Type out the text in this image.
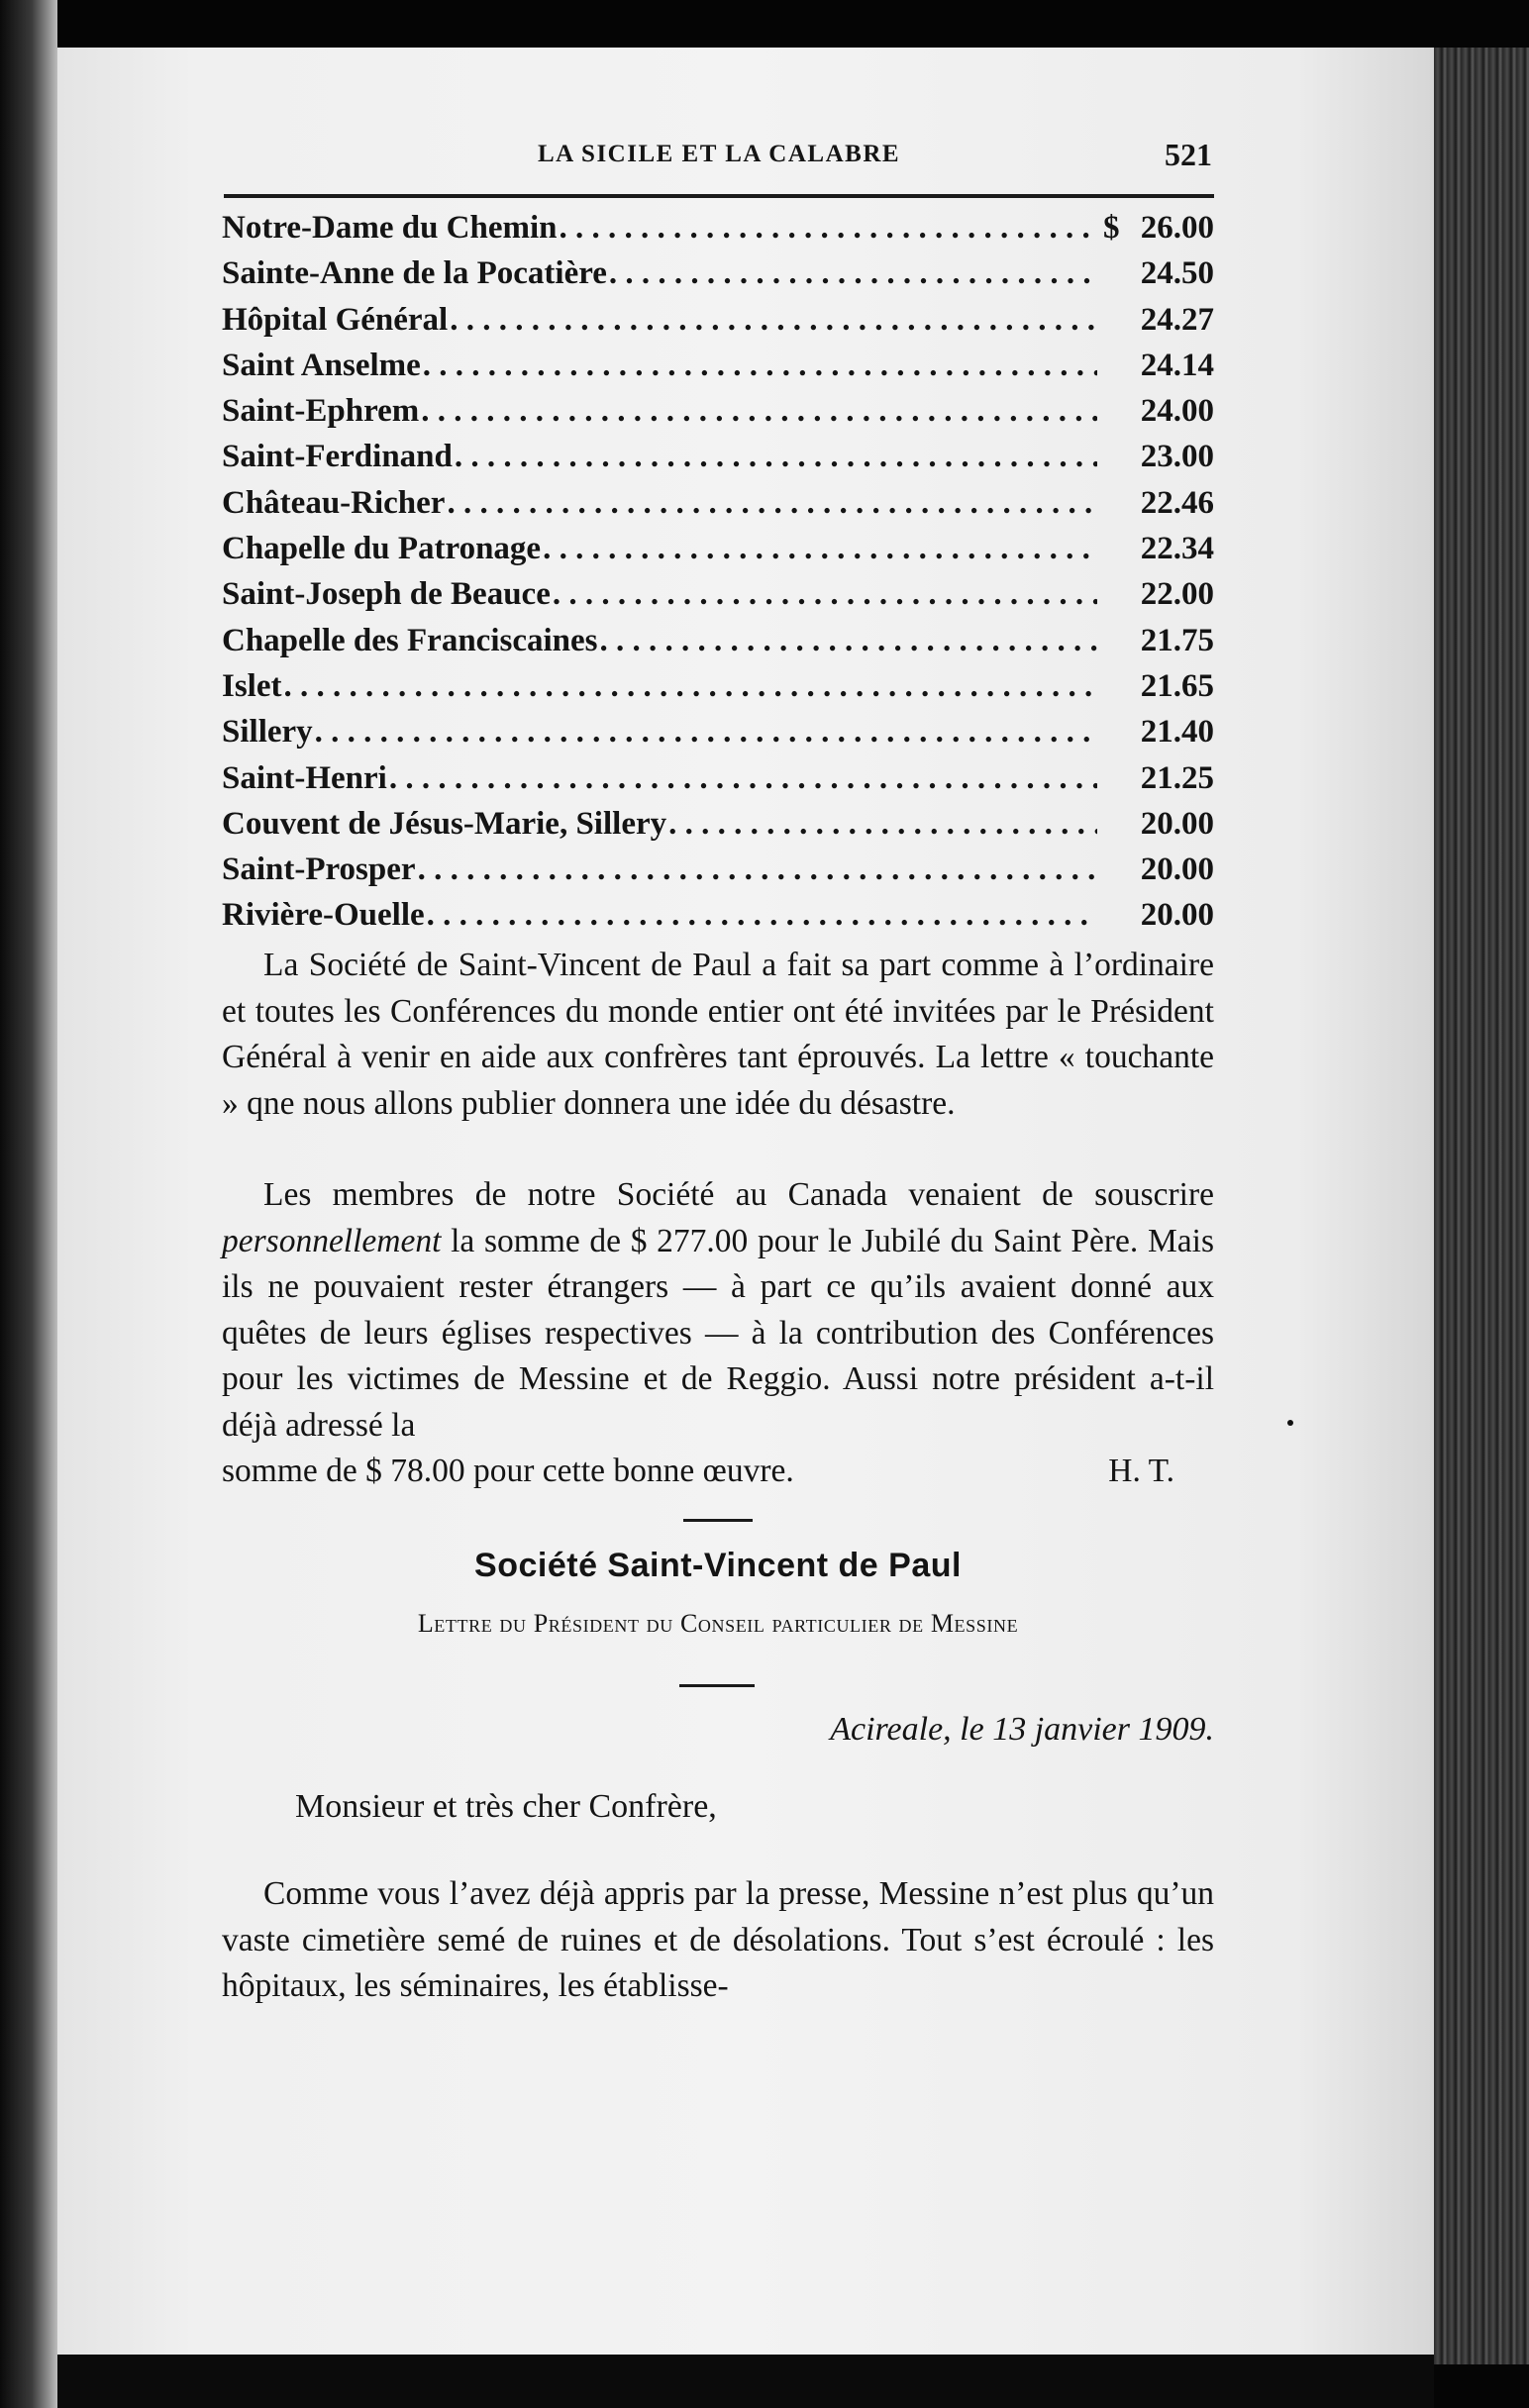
LA SICILE ET LA CALABRE	521
Notre-Dame du Chemin . . .	$ 26.00
Sainte-Anne de la Pocatière . . .	24.50
Hôpital Général . . .	24.27
Saint Anselme . . .	24.14
Saint-Ephrem . . .	24.00
Saint-Ferdinand . . .	23.00
Château-Richer . . .	22.46
Chapelle du Patronage . . .	22.34
Saint-Joseph de Beauce . . .	22.00
Chapelle des Franciscaines . . .	21.75
Islet . . .	21.65
Sillery . . .	21.40
Saint-Henri . . .	21.25
Couvent de Jésus-Marie, Sillery . . .	20.00
Saint-Prosper . . .	20.00
Rivière-Ouelle . . .	20.00

La Société de Saint-Vincent de Paul a fait sa part comme à l’ordinaire et toutes les Conférences du monde entier ont été invitées par le Président Général à venir en aide aux confrères tant éprouvés. La lettre « touchante » qne nous allons publier donnera une idée du désastre.

Les membres de notre Société au Canada venaient de souscrire personnellement la somme de $ 277.00 pour le Jubilé du Saint Père. Mais ils ne pouvaient rester étrangers — à part ce qu’ils avaient donné aux quêtes de leurs églises respectives — à la contribution des Conférences pour les victimes de Messine et de Reggio. Aussi notre président a-t-il déjà adressé la

somme de $ 78.00 pour cette bonne œuvre.	H. T.
Société Saint-Vincent de Paul
Lettre du Président du Conseil particulier de Messine
Acireale, le 13 janvier 1909.
Monsieur et très cher Confrère,

Comme vous l’avez déjà appris par la presse, Messine n’est plus qu’un vaste cimetière semé de ruines et de désolations. Tout s’est écroulé : les hôpitaux, les séminaires, les établisse-
